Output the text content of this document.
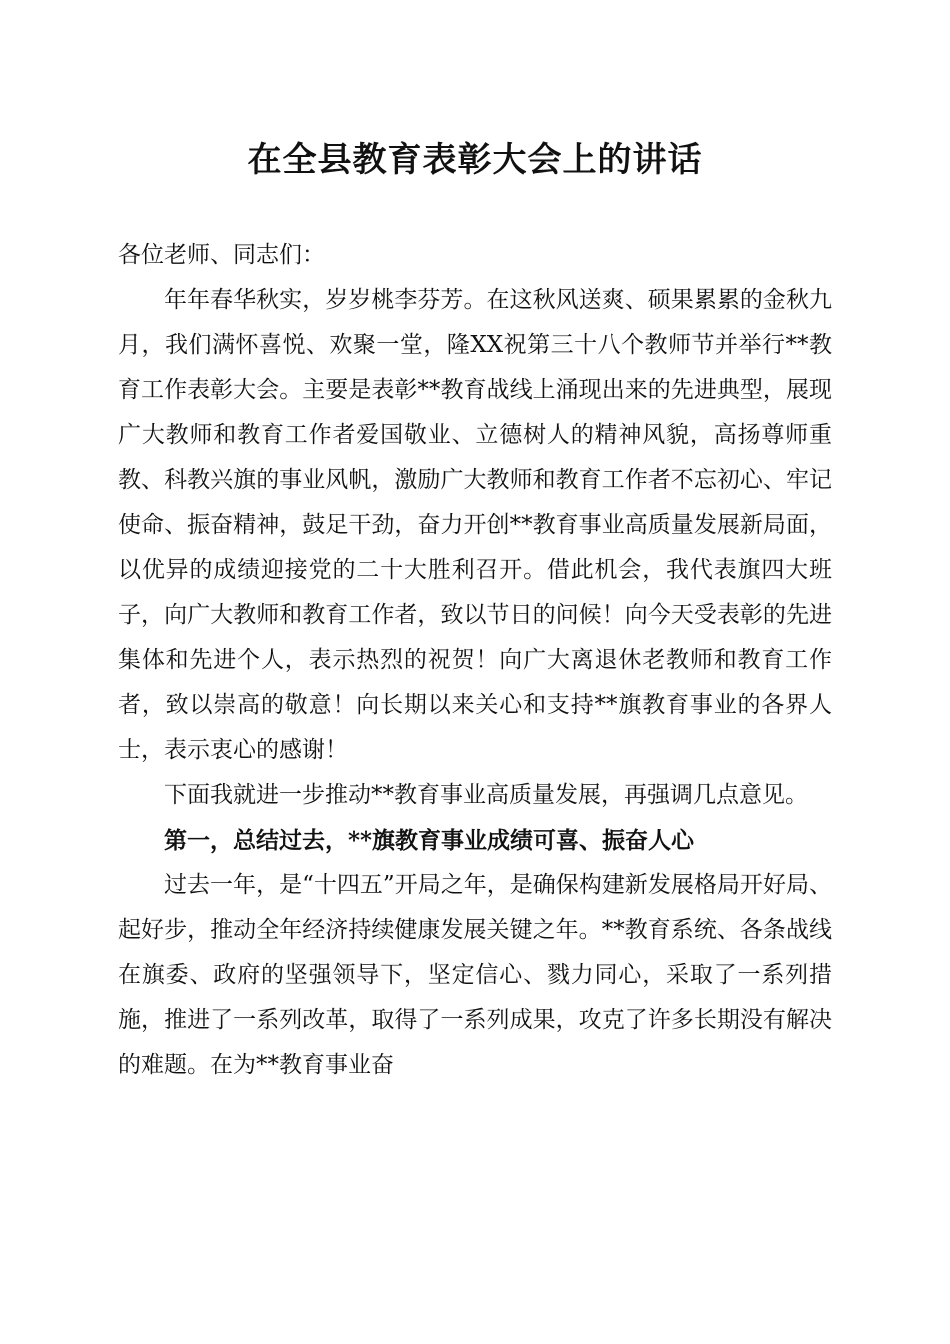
在全县教育表彰大会上的讲话

各位老师、同志们：

年年春华秋实，岁岁桃李芬芳。在这秋风送爽、硕果累累的金秋九月，我们满怀喜悦、欢聚一堂，隆XX祝第三十八个教师节并举行**教育工作表彰大会。主要是表彰**教育战线上涌现出来的先进典型，展现广大教师和教育工作者爱国敬业、立德树人的精神风貌，高扬尊师重教、科教兴旗的事业风帆，激励广大教师和教育工作者不忘初心、牢记使命、振奋精神，鼓足干劲，奋力开创**教育事业高质量发展新局面，以优异的成绩迎接党的二十大胜利召开。借此机会，我代表旗四大班子，向广大教师和教育工作者，致以节日的问候！向今天受表彰的先进集体和先进个人，表示热烈的祝贺！向广大离退休老教师和教育工作者，致以崇高的敬意！向长期以来关心和支持**旗教育事业的各界人士，表示衷心的感谢！

下面我就进一步推动**教育事业高质量发展，再强调几点意见。

第一，总结过去，**旗教育事业成绩可喜、振奋人心

过去一年，是“十四五”开局之年，是确保构建新发展格局开好局、起好步，推动全年经济持续健康发展关键之年。**教育系统、各条战线在旗委、政府的坚强领导下，坚定信心、戮力同心，采取了一系列措施，推进了一系列改革，取得了一系列成果，攻克了许多长期没有解决的难题。在为**教育事业奋
